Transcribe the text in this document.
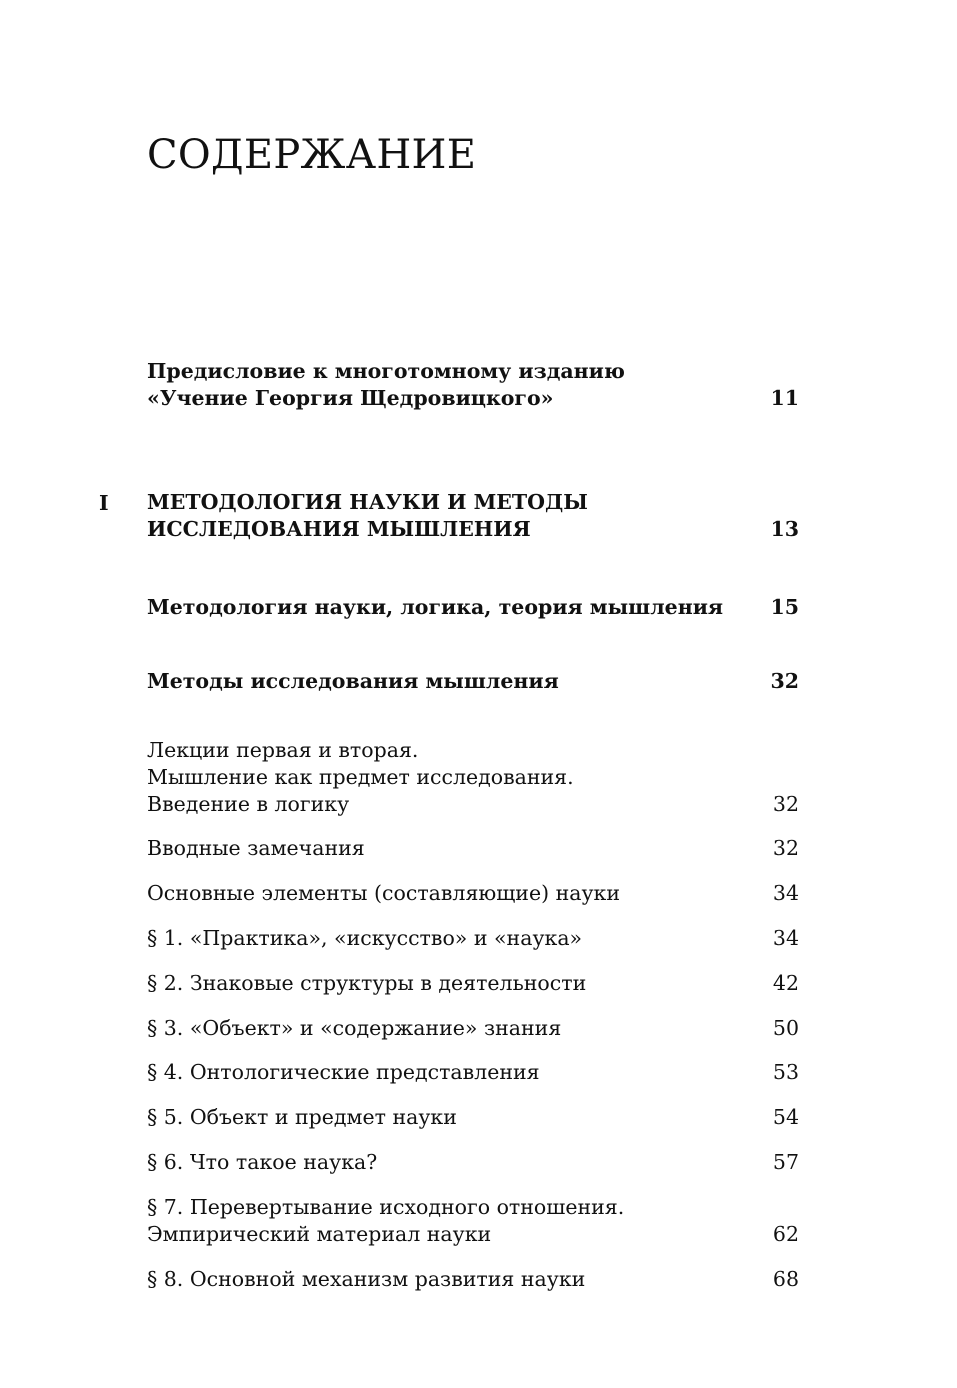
СОДЕРЖАНИЕ
Предисловие к многотомному изданию
«Учение Георгия Щедровицкого»	11
I МЕТОДОЛОГИЯ НАУКИ И МЕТОДЫ
ИССЛЕДОВАНИЯ МЫШЛЕНИЯ	13
Методология науки, логика, теория мышления	15
Методы исследования мышления	32
Лекции первая и вторая.
Мышление как предмет исследования.
Введение в логику	32
Вводные замечания	32
Основные элементы (составляющие) науки	34
§ 1. «Практика», «искусство» и «наука»	34
§ 2. Знаковые структуры в деятельности	42
§ 3. «Объект» и «содержание» знания	50
§ 4. Онтологические представления	53
§ 5. Объект и предмет науки	54
§ 6. Что такое наука?	57
§ 7. Перевертывание исходного отношения.
Эмпирический материал науки	62
§ 8. Основной механизм развития науки	68
